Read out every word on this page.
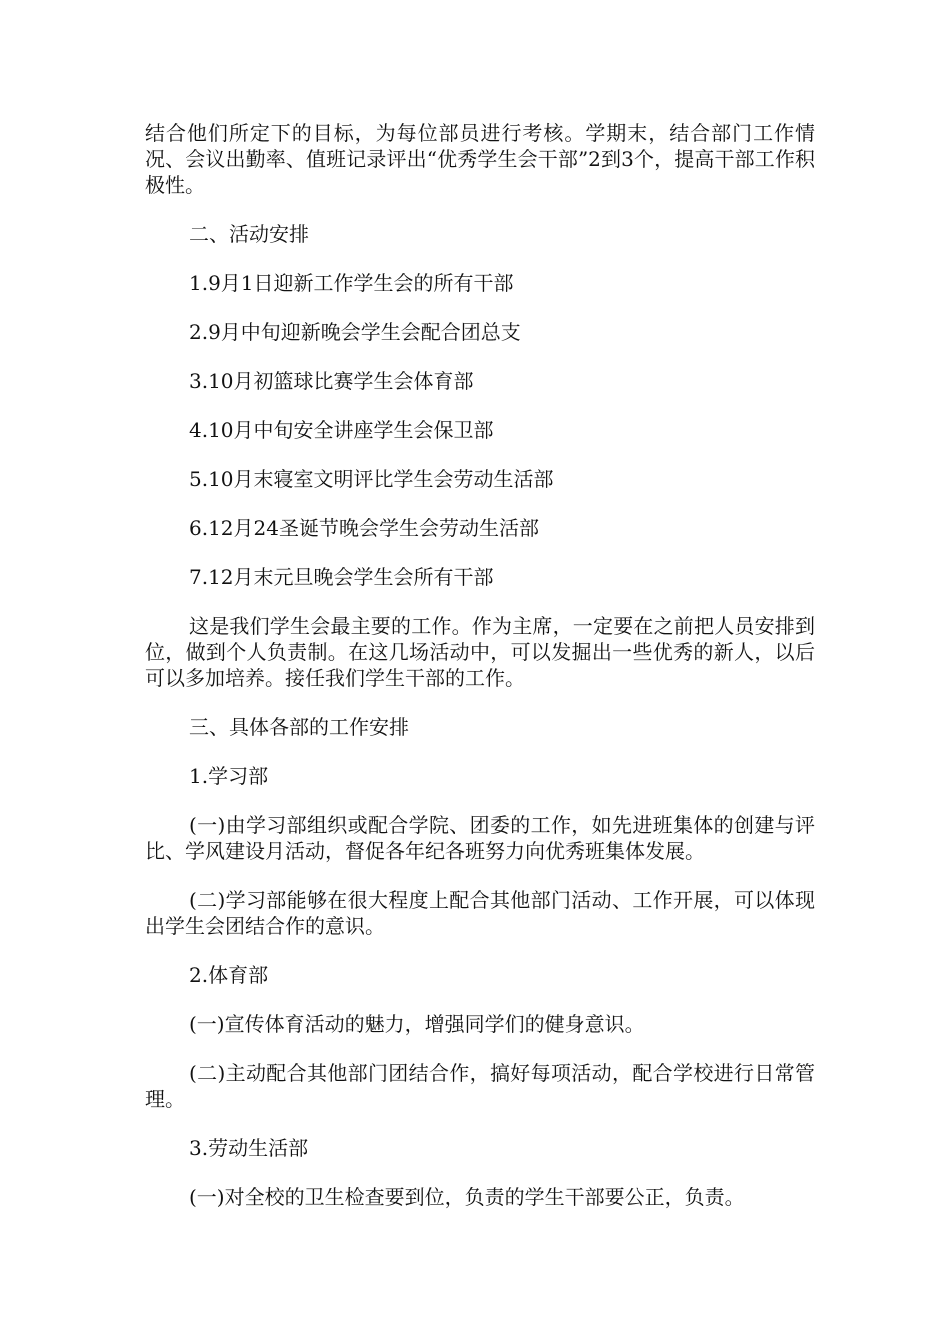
结合他们所定下的目标，为每位部员进行考核。学期末，结合部门工作情况、会议出勤率、值班记录评出“优秀学生会干部”2到3个，提高干部工作积极性。

二、活动安排

1.9月1日迎新工作学生会的所有干部

2.9月中旬迎新晚会学生会配合团总支

3.10月初篮球比赛学生会体育部

4.10月中旬安全讲座学生会保卫部

5.10月末寝室文明评比学生会劳动生活部

6.12月24圣诞节晚会学生会劳动生活部

7.12月末元旦晚会学生会所有干部

这是我们学生会最主要的工作。作为主席，一定要在之前把人员安排到位，做到个人负责制。在这几场活动中，可以发掘出一些优秀的新人，以后可以多加培养。接任我们学生干部的工作。

三、具体各部的工作安排

1.学习部

(一)由学习部组织或配合学院、团委的工作，如先进班集体的创建与评比、学风建设月活动，督促各年纪各班努力向优秀班集体发展。

(二)学习部能够在很大程度上配合其他部门活动、工作开展，可以体现出学生会团结合作的意识。

2.体育部

(一)宣传体育活动的魅力，增强同学们的健身意识。

(二)主动配合其他部门团结合作，搞好每项活动，配合学校进行日常管理。

3.劳动生活部

(一)对全校的卫生检查要到位，负责的学生干部要公正，负责。
